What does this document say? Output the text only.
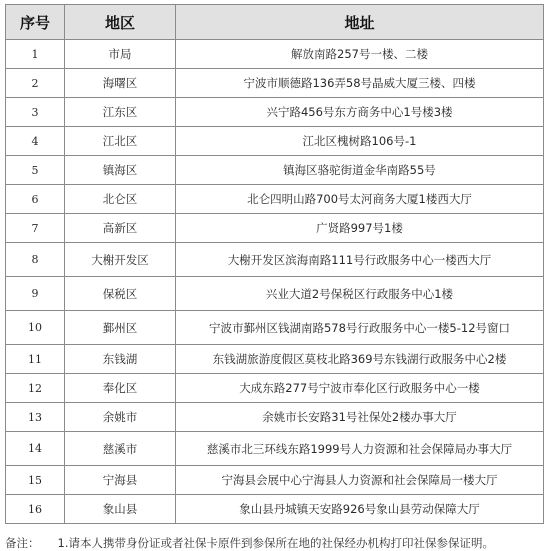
序号	地区	地址
1	市局	解放南路257号一楼、二楼
2	海曙区	宁波市顺德路136弄58号晶威大厦三楼、四楼
3	江东区	兴宁路456号东方商务中心1号楼3楼
4	江北区	江北区槐树路106号-1
5	镇海区	镇海区骆驼街道金华南路55号
6	北仑区	北仑四明山路700号太河商务大厦1楼西大厅
7	高新区	广贤路997号1楼
8	大榭开发区	大榭开发区滨海南路111号行政服务中心一楼西大厅
9	保税区	兴业大道2号保税区行政服务中心1楼
10	鄞州区	宁波市鄞州区钱湖南路578号行政服务中心一楼5-12号窗口
11	东钱湖	东钱湖旅游度假区莫枝北路369号东钱湖行政服务中心2楼
12	奉化区	大成东路277号宁波市奉化区行政服务中心一楼
13	余姚市	余姚市长安路31号社保处2楼办事大厅
14	慈溪市	慈溪市北三环线东路1999号人力资源和社会保障局办事大厅
15	宁海县	宁海县会展中心宁海县人力资源和社会保障局一楼大厅
16	象山县	象山县丹城镇天安路926号象山县劳动保障大厅
备注： 1.请本人携带身份证或者社保卡原件到参保所在地的社保经办机构打印社保参保证明。
